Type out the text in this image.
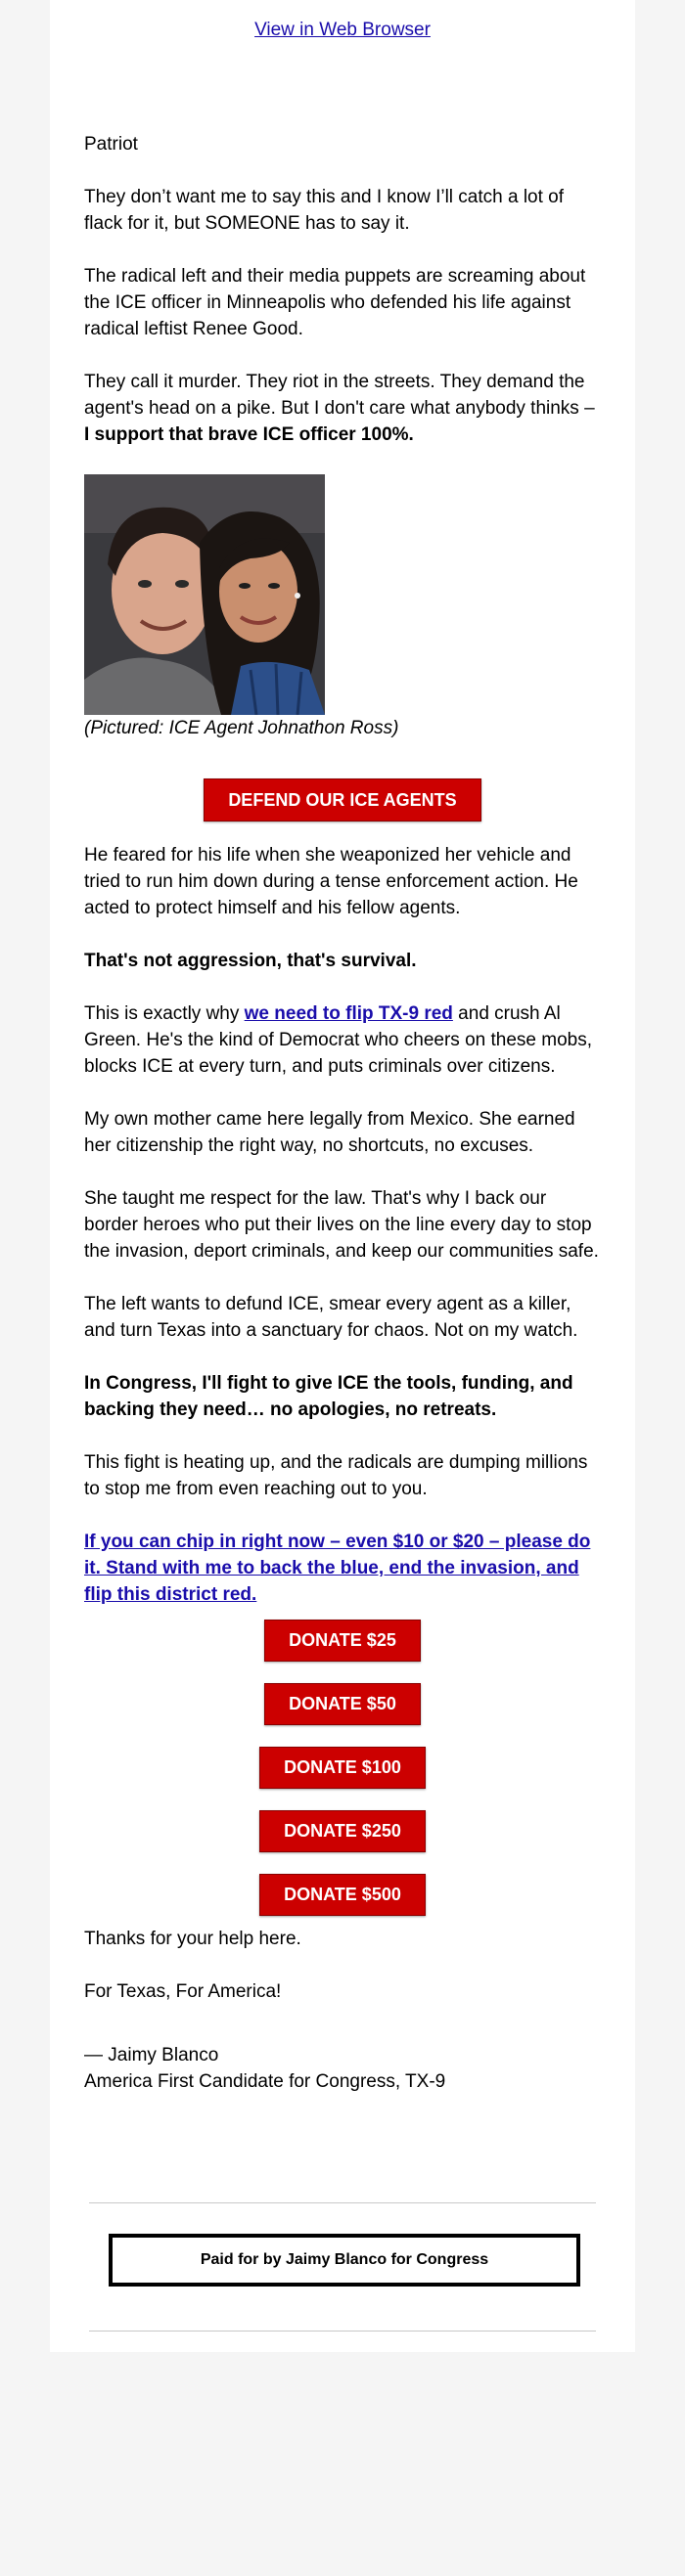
View in Web Browser

Patriot

They don’t want me to say this and I know I’ll catch a lot of flack for it, but SOMEONE has to say it.

The radical left and their media puppets are screaming about the ICE officer in Minneapolis who defended his life against radical leftist Renee Good.

They call it murder. They riot in the streets. They demand the agent's head on a pike. But I don't care what anybody thinks – I support that brave ICE officer 100%.

(Pictured: ICE Agent Johnathon Ross)

DEFEND OUR ICE AGENTS

He feared for his life when she weaponized her vehicle and tried to run him down during a tense enforcement action. He acted to protect himself and his fellow agents.

That's not aggression, that's survival.

This is exactly why we need to flip TX-9 red and crush Al Green. He's the kind of Democrat who cheers on these mobs, blocks ICE at every turn, and puts criminals over citizens.

My own mother came here legally from Mexico. She earned her citizenship the right way, no shortcuts, no excuses.

She taught me respect for the law. That's why I back our border heroes who put their lives on the line every day to stop the invasion, deport criminals, and keep our communities safe.

The left wants to defund ICE, smear every agent as a killer, and turn Texas into a sanctuary for chaos. Not on my watch.

In Congress, I'll fight to give ICE the tools, funding, and backing they need… no apologies, no retreats.

This fight is heating up, and the radicals are dumping millions to stop me from even reaching out to you.

If you can chip in right now – even $10 or $20 – please do it. Stand with me to back the blue, end the invasion, and flip this district red.

DONATE $25
DONATE $50
DONATE $100
DONATE $250
DONATE $500

Thanks for your help here.

For Texas, For America!

— Jaimy Blanco

America First Candidate for Congress, TX-9

Paid for by Jaimy Blanco for Congress
